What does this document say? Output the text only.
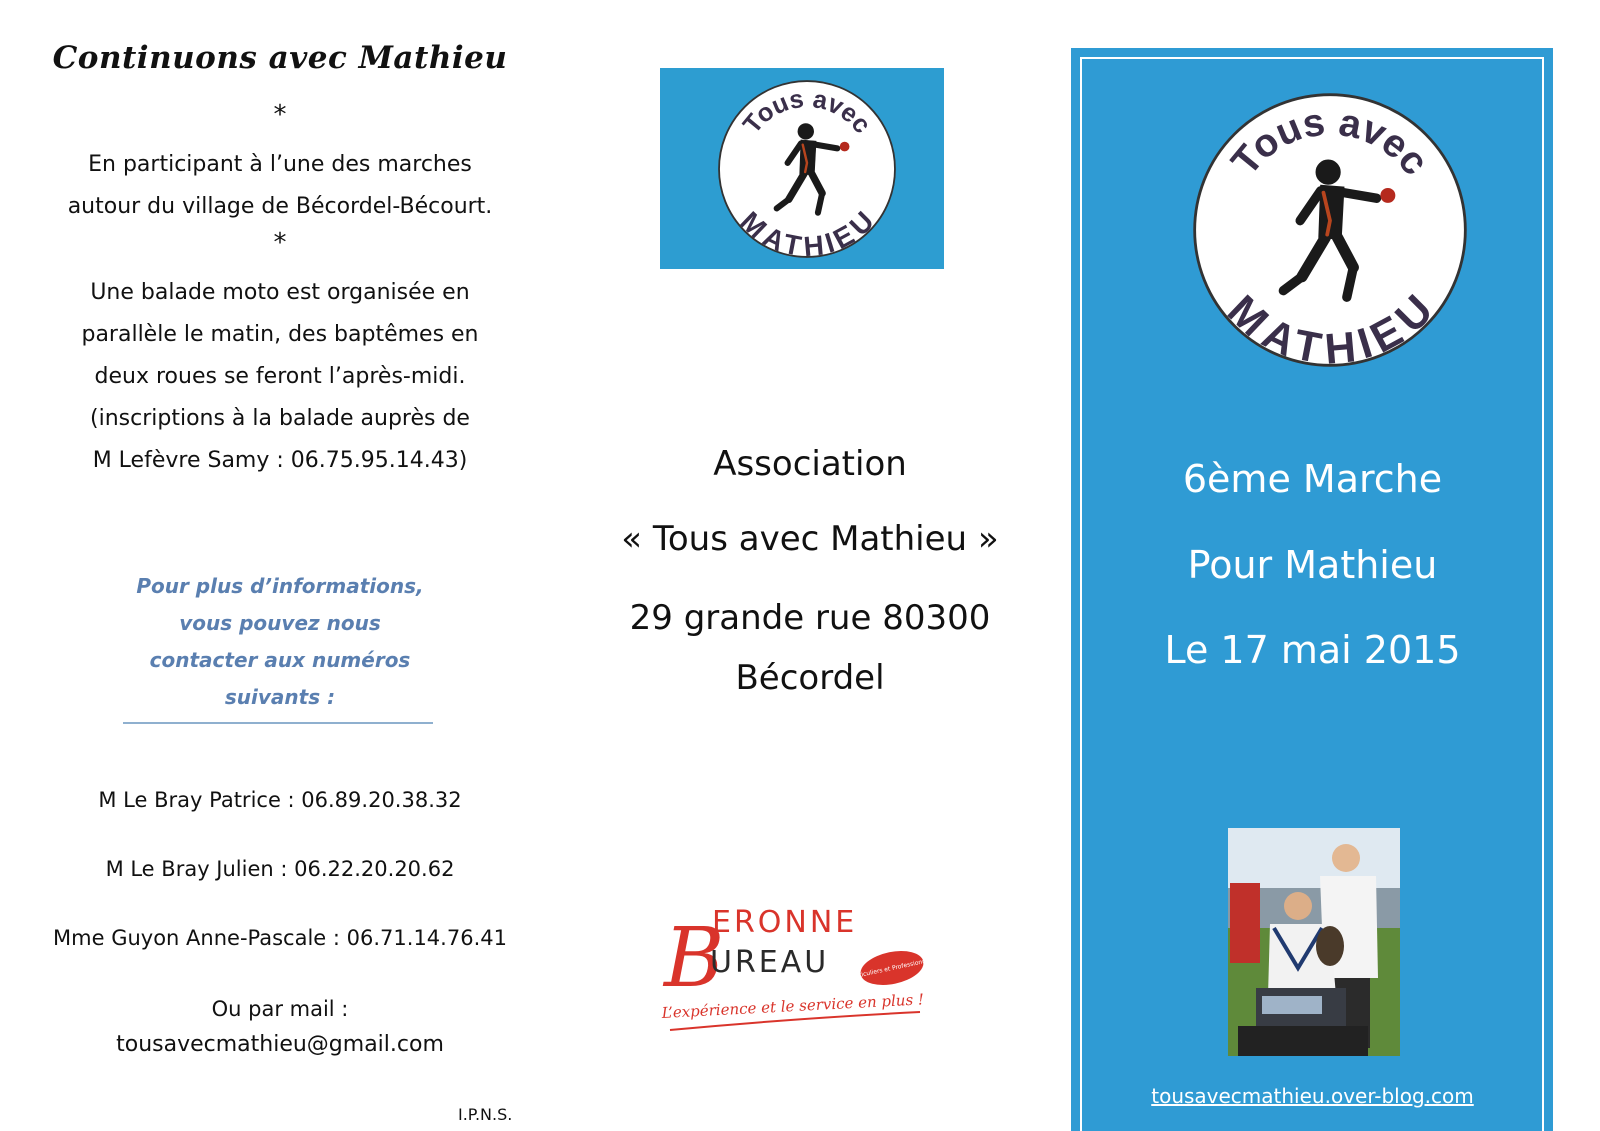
Continuons avec Mathieu
*
En participant à l’une des marches
autour du village de Bécordel-Bécourt.
*
Une balade moto est organisée en
parallèle le matin, des baptêmes en
deux roues se feront l’après-midi.
(inscriptions à la balade auprès de
M Lefèvre Samy : 06.75.95.14.43)
Pour plus d’informations,
vous pouvez nous
contacter aux numéros
suivants :
M Le Bray Patrice : 06.89.20.38.32
M Le Bray Julien : 06.22.20.20.62
Mme Guyon Anne-Pascale : 06.71.14.76.41
Ou par mail :
tousavecmathieu@gmail.com
I.P.N.S.
Tous avec
MATHIEU
Association
« Tous avec Mathieu »
29 grande rue 80300
Bécordel
B
ERONNE
UREAU	Particuliers et Professionnels
L’expérience et le service en plus !
Tous avec
MATHIEU
6ème Marche
Pour Mathieu
Le 17 mai 2015
tousavecmathieu.over-blog.com
